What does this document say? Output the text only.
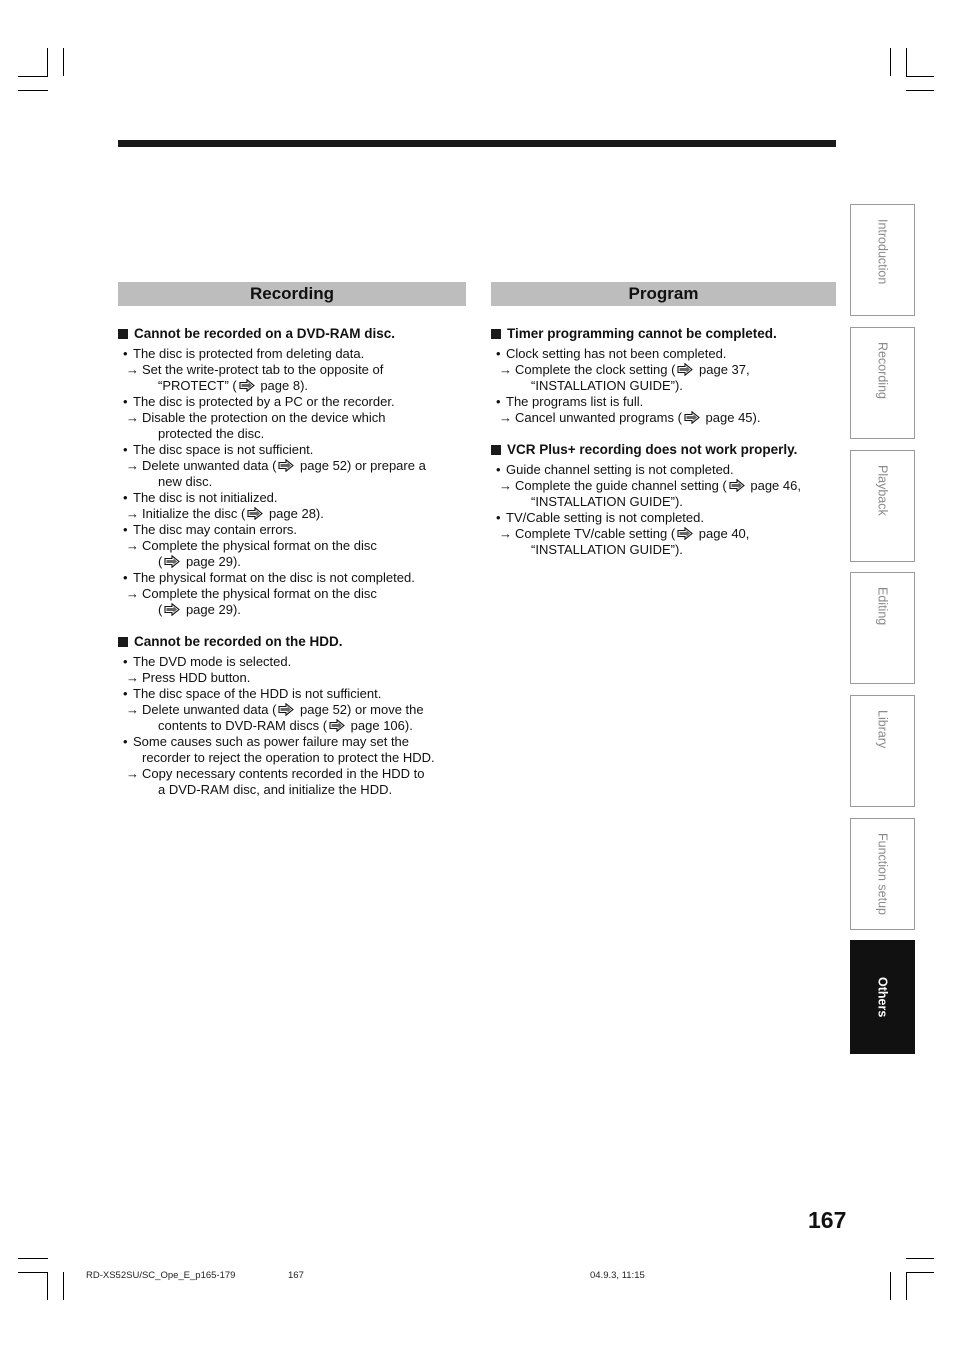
Recording
Cannot be recorded on a DVD-RAM disc.
• The disc is protected from deleting data.
→ Set the write-protect tab to the opposite of
“PROTECT” ( page 8).
• The disc is protected by a PC or the recorder.
→ Disable the protection on the device which
protected the disc.
• The disc space is not sufficient.
→ Delete unwanted data ( page 52) or prepare a
new disc.
• The disc is not initialized.
→ Initialize the disc ( page 28).
• The disc may contain errors.
→ Complete the physical format on the disc
( page 29).
• The physical format on the disc is not completed.
→ Complete the physical format on the disc
( page 29).
Cannot be recorded on the HDD.
• The DVD mode is selected.
→ Press HDD button.
• The disc space of the HDD is not sufficient.
→ Delete unwanted data ( page 52) or move the
contents to DVD-RAM discs ( page 106).
• Some causes such as power failure may set the
recorder to reject the operation to protect the HDD.
→ Copy necessary contents recorded in the HDD to
a DVD-RAM disc, and initialize the HDD.
Program
Timer programming cannot be completed.
• Clock setting has not been completed.
→ Complete the clock setting ( page 37,
“INSTALLATION GUIDE”).
• The programs list is full.
→ Cancel unwanted programs ( page 45).
VCR Plus+ recording does not work properly.
• Guide channel setting is not completed.
→ Complete the guide channel setting ( page 46,
“INSTALLATION GUIDE”).
• TV/Cable setting is not completed.
→ Complete TV/cable setting ( page 40,
“INSTALLATION GUIDE”).
Introduction
Recording
Playback
Editing
Library
Function setup
Others
167
RD-XS52SU/SC_Ope_E_p165-179	167	04.9.3, 11:15
